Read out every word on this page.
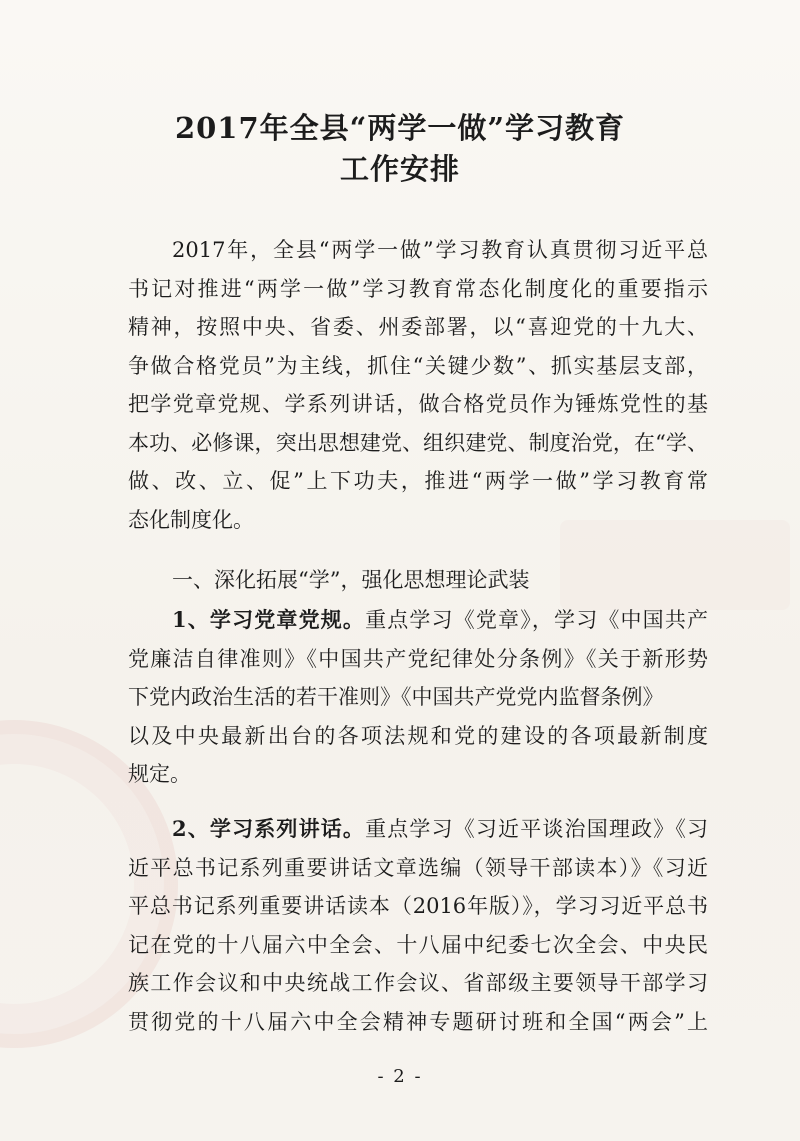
2017年全县“两学一做”学习教育
工作安排
2017年，全县“两学一做”学习教育认真贯彻习近平总
书记对推进“两学一做”学习教育常态化制度化的重要指示
精神，按照中央、省委、州委部署，以“喜迎党的十九大、
争做合格党员”为主线，抓住“关键少数”、抓实基层支部，
把学党章党规、学系列讲话，做合格党员作为锤炼党性的基
本功、必修课，突出思想建党、组织建党、制度治党，在“学、
做、改、立、促”上下功夫，推进“两学一做”学习教育常
态化制度化。
一、深化拓展“学”，强化思想理论武装
1、学习党章党规。重点学习《党章》，学习《中国共产
党廉洁自律准则》《中国共产党纪律处分条例》《关于新形势
下党内政治生活的若干准则》《中国共产党党内监督条例》
以及中央最新出台的各项法规和党的建设的各项最新制度
规定。
2、学习系列讲话。重点学习《习近平谈治国理政》《习
近平总书记系列重要讲话文章选编（领导干部读本）》《习近
平总书记系列重要讲话读本（2016年版）》，学习习近平总书
记在党的十八届六中全会、十八届中纪委七次全会、中央民
族工作会议和中央统战工作会议、省部级主要领导干部学习
贯彻党的十八届六中全会精神专题研讨班和全国“两会”上
- 2 -
